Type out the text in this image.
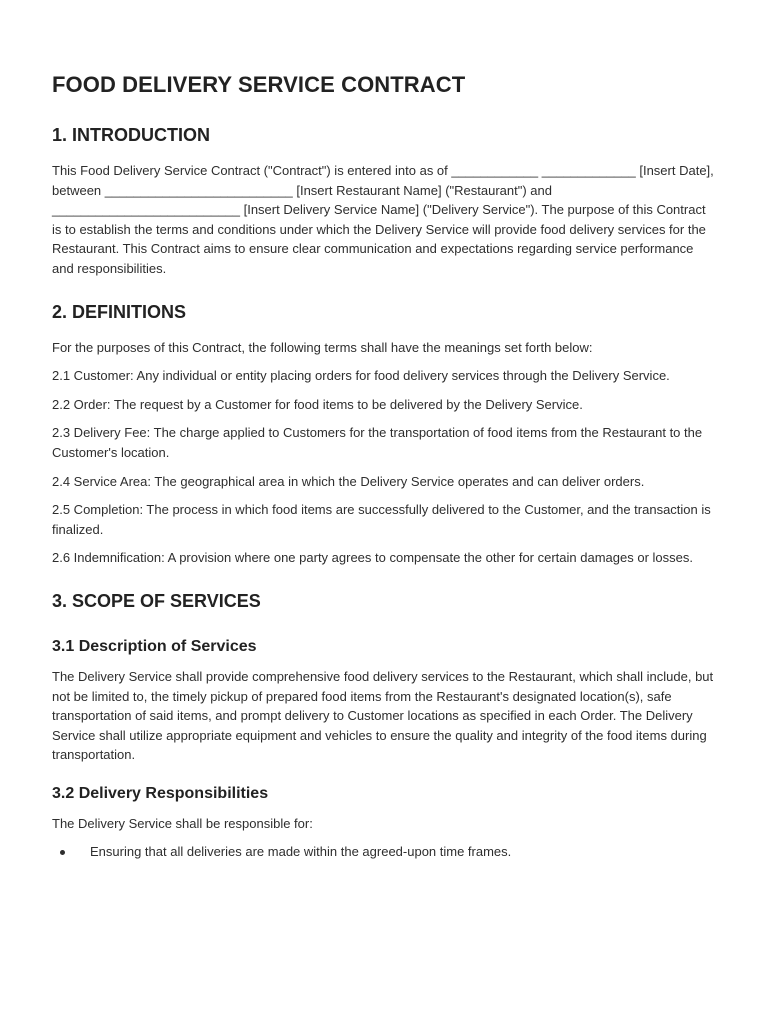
FOOD DELIVERY SERVICE CONTRACT
1. INTRODUCTION

This Food Delivery Service Contract ("Contract") is entered into as of ____________ _____________ [Insert Date], between __________________________ [Insert Restaurant Name] ("Restaurant") and __________________________ [Insert Delivery Service Name] ("Delivery Service"). The purpose of this Contract is to establish the terms and conditions under which the Delivery Service will provide food delivery services for the Restaurant. This Contract aims to ensure clear communication and expectations regarding service performance and responsibilities.

2. DEFINITIONS

For the purposes of this Contract, the following terms shall have the meanings set forth below:

2.1 Customer: Any individual or entity placing orders for food delivery services through the Delivery Service.

2.2 Order: The request by a Customer for food items to be delivered by the Delivery Service.

2.3 Delivery Fee: The charge applied to Customers for the transportation of food items from the Restaurant to the Customer's location.

2.4 Service Area: The geographical area in which the Delivery Service operates and can deliver orders.

2.5 Completion: The process in which food items are successfully delivered to the Customer, and the transaction is finalized.

2.6 Indemnification: A provision where one party agrees to compensate the other for certain damages or losses.

3. SCOPE OF SERVICES
3.1 Description of Services

The Delivery Service shall provide comprehensive food delivery services to the Restaurant, which shall include, but not be limited to, the timely pickup of prepared food items from the Restaurant's designated location(s), safe transportation of said items, and prompt delivery to Customer locations as specified in each Order. The Delivery Service shall utilize appropriate equipment and vehicles to ensure the quality and integrity of the food items during transportation.

3.2 Delivery Responsibilities

The Delivery Service shall be responsible for:

Ensuring that all deliveries are made within the agreed-upon time frames.
